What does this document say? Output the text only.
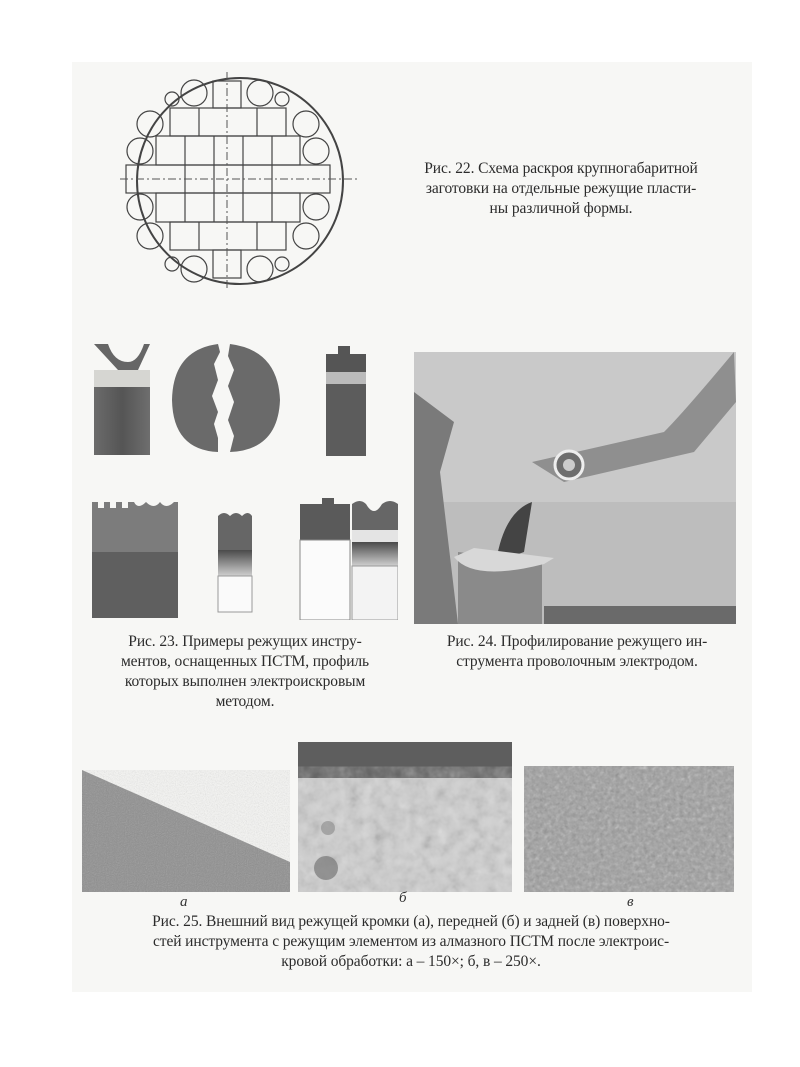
Рис. 22. Схема раскроя крупногабаритной
заготовки на отдельные режущие пласти-
ны различной формы.
Рис. 23. Примеры режущих инстру-
ментов, оснащенных ПСТМ, профиль
которых выполнен электроискровым
методом.
Рис. 24. Профилирование режущего ин-
струмента проволочным электродом.
а	б	в
Рис. 25. Внешний вид режущей кромки (а), передней (б) и задней (в) поверхно-
стей инструмента с режущим элементом из алмазного ПСТМ после электроис-
кровой обработки: а – 150×; б, в – 250×.
